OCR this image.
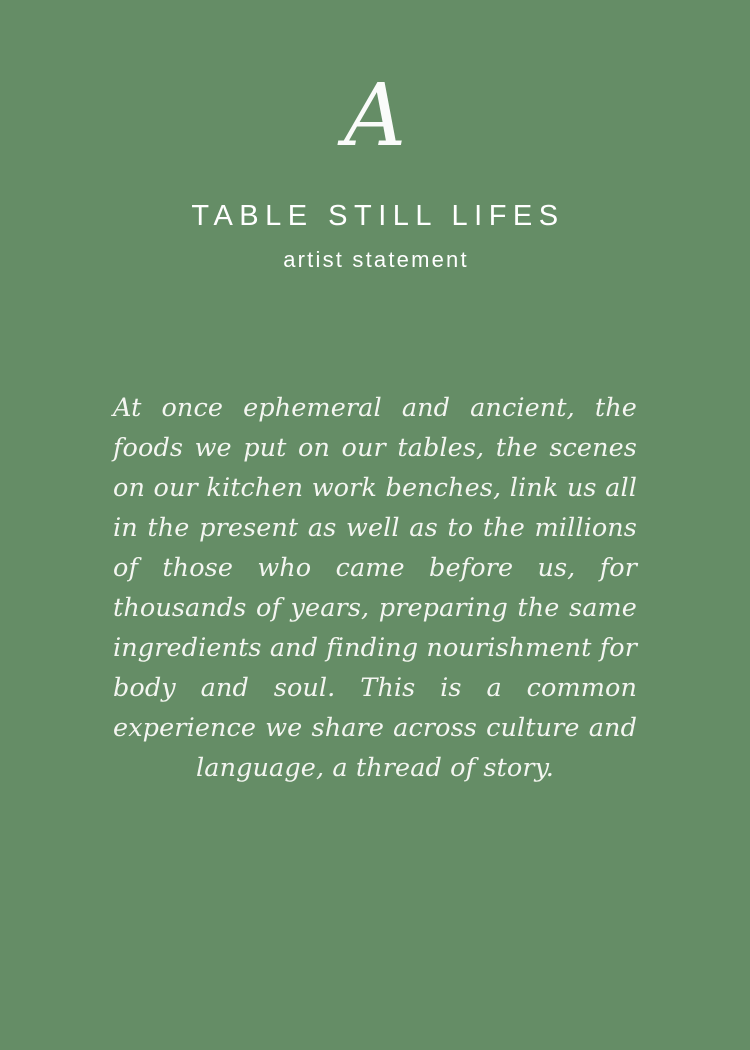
A
TABLE STILL LIFES
artist statement
At once ephemeral and ancient, the foods we put on our tables, the scenes on our kitchen work benches, link us all in the present as well as to the millions of those who came before us, for thousands of years, preparing the same ingredients and finding nourishment for body and soul. This is a common experience we share across culture and language, a thread of story.
